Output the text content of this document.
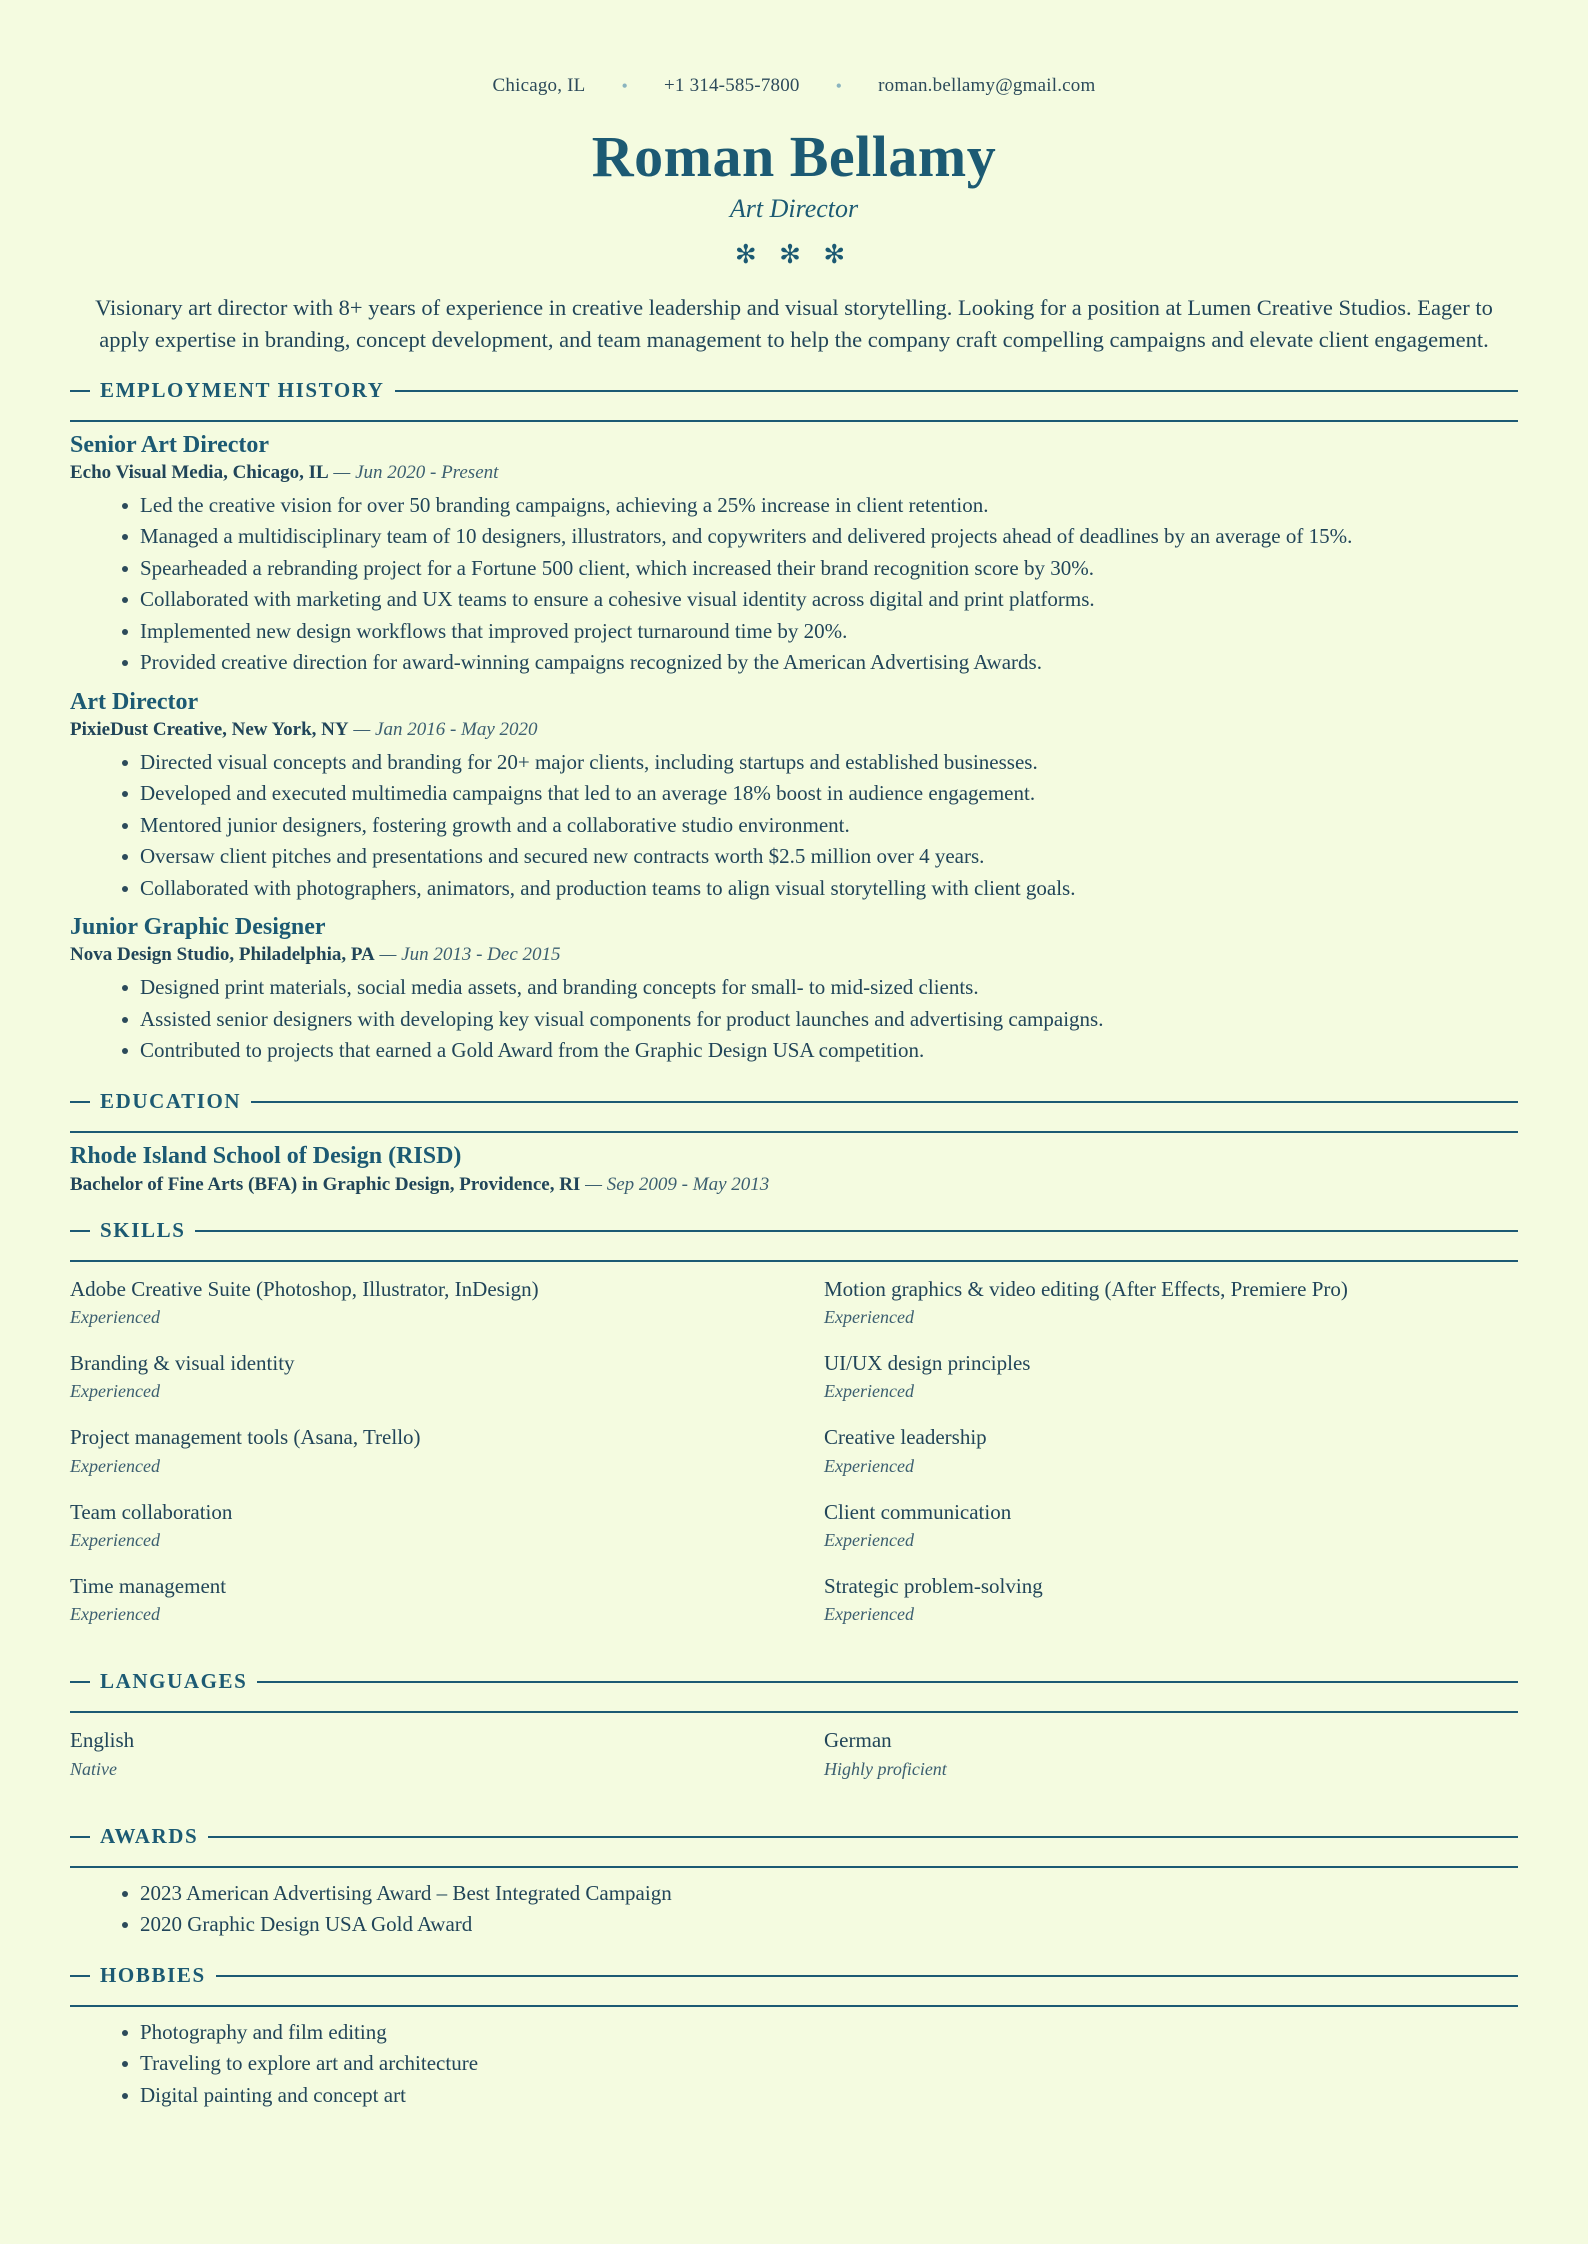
Chicago, IL	•	+1 314-585-7800	•	roman.bellamy@gmail.com
Roman Bellamy
Art Director
✻ ✻ ✻
Visionary art director with 8+ years of experience in creative leadership and visual storytelling. Looking for a position at Lumen Creative Studios. Eager to apply expertise in branding, concept development, and team management to help the company craft compelling campaigns and elevate client engagement.
EMPLOYMENT HISTORY
Senior Art Director
Echo Visual Media, Chicago, IL — Jun 2020 - Present
Led the creative vision for over 50 branding campaigns, achieving a 25% increase in client retention.
Managed a multidisciplinary team of 10 designers, illustrators, and copywriters and delivered projects ahead of deadlines by an average of 15%.
Spearheaded a rebranding project for a Fortune 500 client, which increased their brand recognition score by 30%.
Collaborated with marketing and UX teams to ensure a cohesive visual identity across digital and print platforms.
Implemented new design workflows that improved project turnaround time by 20%.
Provided creative direction for award-winning campaigns recognized by the American Advertising Awards.
Art Director
PixieDust Creative, New York, NY — Jan 2016 - May 2020
Directed visual concepts and branding for 20+ major clients, including startups and established businesses.
Developed and executed multimedia campaigns that led to an average 18% boost in audience engagement.
Mentored junior designers, fostering growth and a collaborative studio environment.
Oversaw client pitches and presentations and secured new contracts worth $2.5 million over 4 years.
Collaborated with photographers, animators, and production teams to align visual storytelling with client goals.
Junior Graphic Designer
Nova Design Studio, Philadelphia, PA — Jun 2013 - Dec 2015
Designed print materials, social media assets, and branding concepts for small- to mid-sized clients.
Assisted senior designers with developing key visual components for product launches and advertising campaigns.
Contributed to projects that earned a Gold Award from the Graphic Design USA competition.
EDUCATION
Rhode Island School of Design (RISD)
Bachelor of Fine Arts (BFA) in Graphic Design, Providence, RI — Sep 2009 - May 2013
SKILLS
Adobe Creative Suite (Photoshop, Illustrator, InDesign)
Experienced
Motion graphics & video editing (After Effects, Premiere Pro)
Experienced
Branding & visual identity
Experienced
UI/UX design principles
Experienced
Project management tools (Asana, Trello)
Experienced
Creative leadership
Experienced
Team collaboration
Experienced
Client communication
Experienced
Time management
Experienced
Strategic problem-solving
Experienced
LANGUAGES
English
Native
German
Highly proficient
AWARDS
2023 American Advertising Award – Best Integrated Campaign
2020 Graphic Design USA Gold Award
HOBBIES
Photography and film editing
Traveling to explore art and architecture
Digital painting and concept art
